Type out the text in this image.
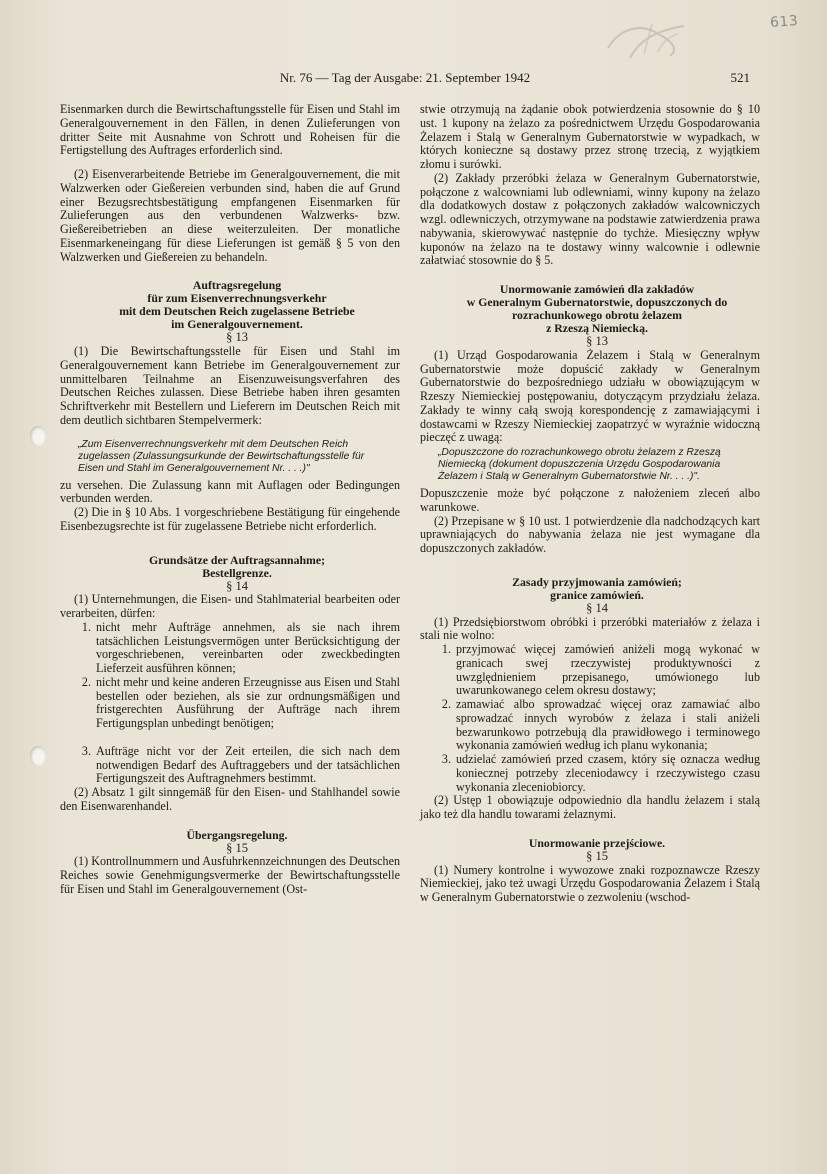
613
Nr. 76 — Tag der Ausgabe: 21. September 1942	521

Eisenmarken durch die Bewirtschaftungsstelle für Eisen und Stahl im Generalgouvernement in den Fällen, in denen Zulieferungen von dritter Seite mit Ausnahme von Schrott und Roheisen für die Fertigstellung des Auftrages erforderlich sind.

(2) Eisenverarbeitende Betriebe im Generalgouvernement, die mit Walzwerken oder Gießereien verbunden sind, haben die auf Grund einer Bezugsrechtsbestätigung empfangenen Eisenmarken für Zulieferungen aus den verbundenen Walzwerks- bzw. Gießereibetrieben an diese weiterzuleiten. Der monatliche Eisenmarkeneingang für diese Lieferungen ist gemäß § 5 von den Walzwerken und Gießereien zu behandeln.

Auftragsregelung

für zum Eisenverrechnungsverkehr

mit dem Deutschen Reich zugelassene Betriebe

im Generalgouvernement.

§ 13

(1) Die Bewirtschaftungsstelle für Eisen und Stahl im Generalgouvernement kann Betriebe im Generalgouvernement zur unmittelbaren Teilnahme an Eisenzuweisungsverfahren des Deutschen Reiches zulassen. Diese Betriebe haben ihren gesamten Schriftverkehr mit Bestellern und Lieferern im Deutschen Reich mit dem deutlich sichtbaren Stempelvermerk:

„Zum Eisenverrechnungsverkehr mit dem Deutschen Reich zugelassen (Zulassungsurkunde der Bewirtschaftungsstelle für Eisen und Stahl im Generalgouvernement Nr. . . .)"

zu versehen. Die Zulassung kann mit Auflagen oder Bedingungen verbunden werden.

(2) Die in § 10 Abs. 1 vorgeschriebene Bestätigung für eingehende Eisenbezugsrechte ist für zugelassene Betriebe nicht erforderlich.

Grundsätze der Auftragsannahme;

Bestellgrenze.

§ 14

(1) Unternehmungen, die Eisen- und Stahlmaterial bearbeiten oder verarbeiten, dürfen:

1. nicht mehr Aufträge annehmen, als sie nach ihrem tatsächlichen Leistungsvermögen unter Berücksichtigung der vorgeschriebenen, vereinbarten oder zweckbedingten Lieferzeit ausführen können;
2. nicht mehr und keine anderen Erzeugnisse aus Eisen und Stahl bestellen oder beziehen, als sie zur ordnungsmäßigen und fristgerechten Ausführung der Aufträge nach ihrem Fertigungsplan unbedingt benötigen;
3. Aufträge nicht vor der Zeit erteilen, die sich nach dem notwendigen Bedarf des Auftraggebers und der tatsächlichen Fertigungszeit des Auftragnehmers bestimmt.

(2) Absatz 1 gilt sinngemäß für den Eisen- und Stahlhandel sowie den Eisenwarenhandel.

Übergangsregelung.

§ 15

(1) Kontrollnummern und Ausfuhrkennzeichnungen des Deutschen Reiches sowie Genehmigungsvermerke der Bewirtschaftungsstelle für Eisen und Stahl im Generalgouvernement (Ost-

stwie otrzymują na żądanie obok potwierdzenia stosownie do § 10 ust. 1 kupony na żelazo za pośrednictwem Urzędu Gospodarowania Żelazem i Stalą w Generalnym Gubernatorstwie w wypadkach, w których konieczne są dostawy przez stronę trzecią, z wyjątkiem złomu i surówki.

(2) Zakłady przeróbki żelaza w Generalnym Gubernatorstwie, połączone z walcowniami lub odlewniami, winny kupony na żelazo dla dodatkowych dostaw z połączonych zakładów walcowniczych wzgl. odlewniczych, otrzymywane na podstawie zatwierdzenia prawa nabywania, skierowywać następnie do tychże. Miesięczny wpływ kuponów na żelazo na te dostawy winny walcownie i odlewnie załatwiać stosownie do § 5.

Unormowanie zamówień dla zakładów

w Generalnym Gubernatorstwie, dopuszczonych do

rozrachunkowego obrotu żelazem

z Rzeszą Niemiecką.

§ 13

(1) Urząd Gospodarowania Żelazem i Stalą w Generalnym Gubernatorstwie może dopuścić zakłady w Generalnym Gubernatorstwie do bezpośredniego udziału w obowiązującym w Rzeszy Niemieckiej postępowaniu, dotyczącym przydziału żelaza. Zakłady te winny całą swoją korespondencję z zamawiającymi i dostawcami w Rzeszy Niemieckiej zaopatrzyć w wyraźnie widoczną pieczęć z uwagą:

„Dopuszczone do rozrachunkowego obrotu żelazem z Rzeszą Niemiecką (dokument dopuszczenia Urzędu Gospodarowania Żelazem i Stalą w Generalnym Gubernatorstwie Nr. . . .)".

Dopuszczenie może być połączone z nałożeniem zleceń albo warunkowe.

(2) Przepisane w § 10 ust. 1 potwierdzenie dla nadchodzących kart uprawniających do nabywania żelaza nie jest wymagane dla dopuszczonych zakładów.

Zasady przyjmowania zamówień;

granice zamówień.

§ 14

(1) Przedsiębiorstwom obróbki i przeróbki materiałów z żelaza i stali nie wolno:

1. przyjmować więcej zamówień aniżeli mogą wykonać w granicach swej rzeczywistej produktywności z uwzględnieniem przepisanego, umówionego lub uwarunkowanego celem okresu dostawy;
2. zamawiać albo sprowadzać więcej oraz zamawiać albo sprowadzać innych wyrobów z żelaza i stali aniżeli bezwarunkowo potrzebują dla prawidłowego i terminowego wykonania zamówień według ich planu wykonania;
3. udzielać zamówień przed czasem, który się oznacza według koniecznej potrzeby zleceniodawcy i rzeczywistego czasu wykonania zleceniobiorcy.

(2) Ustęp 1 obowiązuje odpowiednio dla handlu żelazem i stalą jako też dla handlu towarami żelaznymi.

Unormowanie przejściowe.

§ 15

(1) Numery kontrolne i wywozowe znaki rozpoznawcze Rzeszy Niemieckiej, jako też uwagi Urzędu Gospodarowania Żelazem i Stalą w Generalnym Gubernatorstwie o zezwoleniu (wschod-
